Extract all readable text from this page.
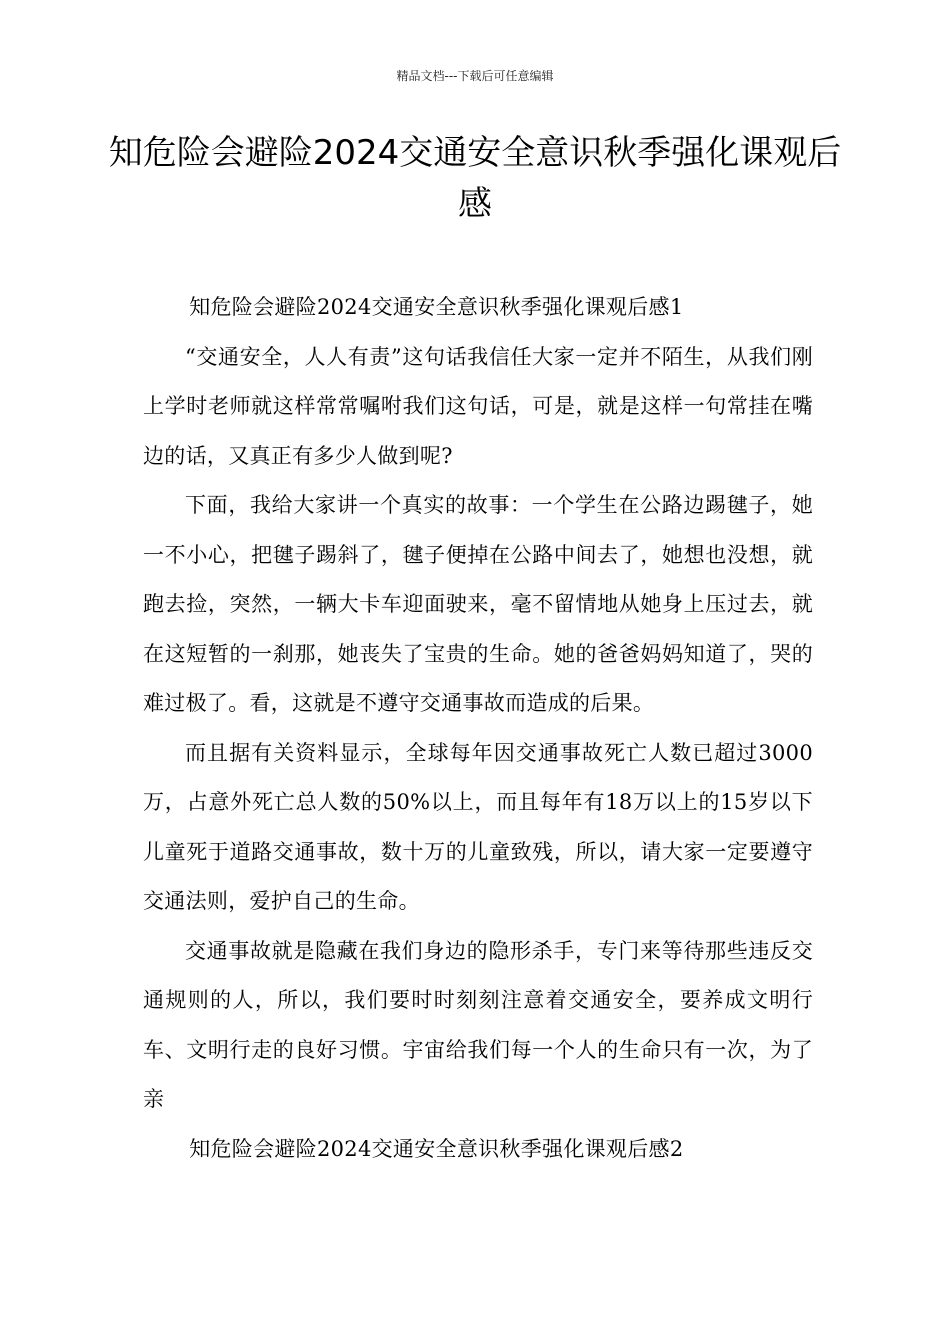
精品文档---下载后可任意编辑
知危险会避险2024交通安全意识秋季强化课观后感

知危险会避险2024交通安全意识秋季强化课观后感1

“交通安全，人人有责”这句话我信任大家一定并不陌生，从我们刚上学时老师就这样常常嘱咐我们这句话，可是，就是这样一句常挂在嘴边的话，又真正有多少人做到呢?

下面，我给大家讲一个真实的故事：一个学生在公路边踢毽子，她一不小心，把毽子踢斜了，毽子便掉在公路中间去了，她想也没想，就跑去捡，突然，一辆大卡车迎面驶来，毫不留情地从她身上压过去，就在这短暂的一刹那，她丧失了宝贵的生命。她的爸爸妈妈知道了，哭的难过极了。看，这就是不遵守交通事故而造成的后果。

而且据有关资料显示，全球每年因交通事故死亡人数已超过3000万，占意外死亡总人数的50%以上，而且每年有18万以上的15岁以下儿童死于道路交通事故，数十万的儿童致残，所以，请大家一定要遵守交通法则，爱护自己的生命。

交通事故就是隐藏在我们身边的隐形杀手，专门来等待那些违反交通规则的人，所以，我们要时时刻刻注意着交通安全，要养成文明行车、文明行走的良好习惯。宇宙给我们每一个人的生命只有一次，为了亲

知危险会避险2024交通安全意识秋季强化课观后感2
